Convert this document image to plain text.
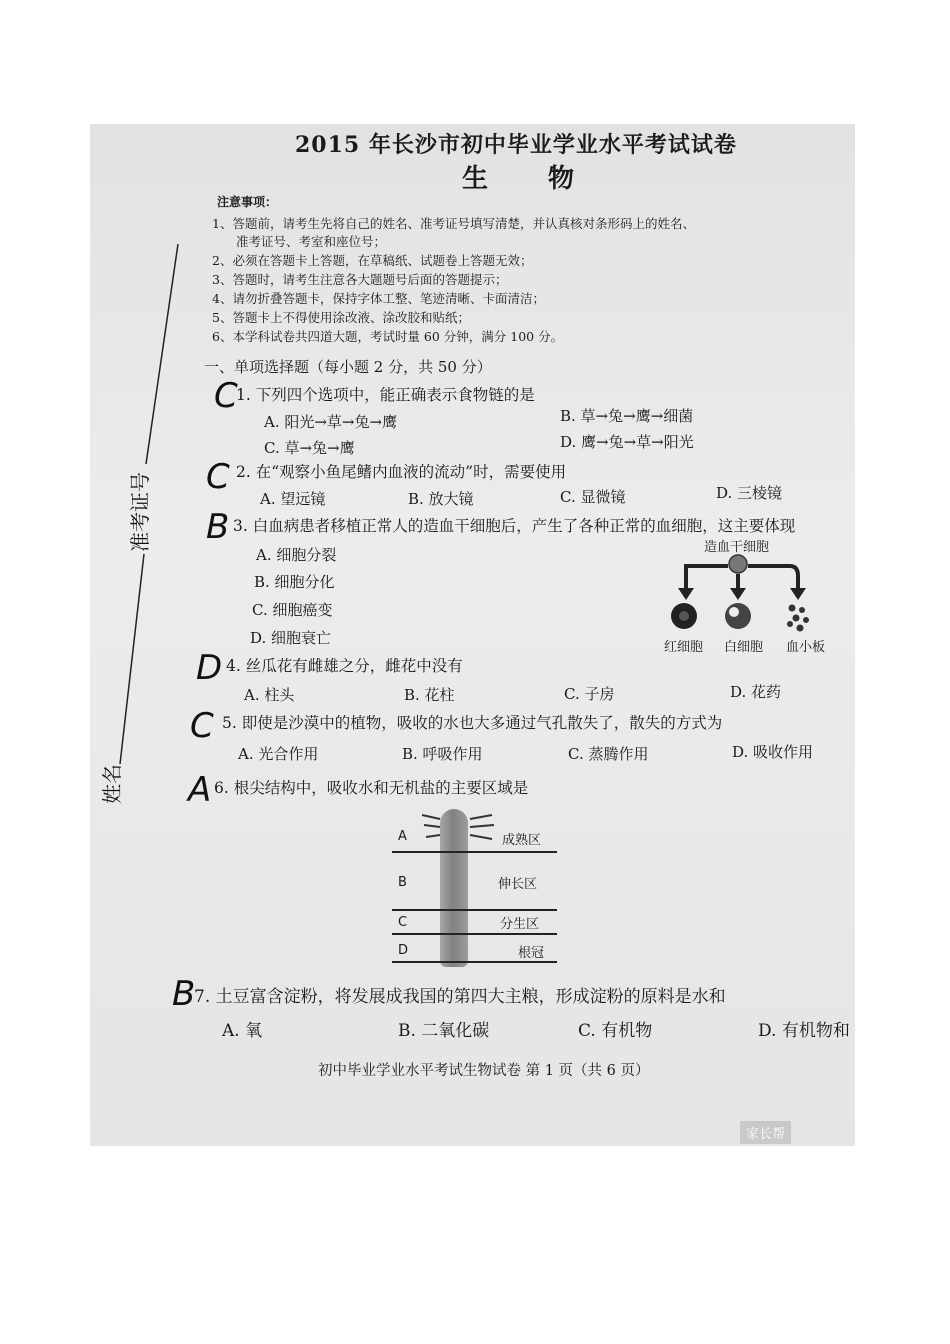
2015 年长沙市初中毕业学业水平考试试卷
生物
注意事项：
1、答题前，请考生先将自己的姓名、准考证号填写清楚，并认真核对条形码上的姓名、
准考证号、考室和座位号；
2、必须在答题卡上答题，在草稿纸、试题卷上答题无效；
3、答题时，请考生注意各大题题号后面的答题提示；
4、请勿折叠答题卡，保持字体工整、笔迹清晰、卡面清洁；
5、答题卡上不得使用涂改液、涂改胶和贴纸；
6、本学科试卷共四道大题，考试时量 60 分钟，满分 100 分。
准考证号
姓名
一、单项选择题（每小题 2 分，共 50 分）
C
1. 下列四个选项中，能正确表示食物链的是
A. 阳光→草→兔→鹰	B. 草→兔→鹰→细菌
C. 草→兔→鹰	D. 鹰→兔→草→阳光
C 2. 在“观察小鱼尾鳍内血液的流动”时，需要使用
A. 望远镜	B. 放大镜	C. 显微镜	D. 三棱镜
B 3. 白血病患者移植正常人的造血干细胞后，产生了各种正常的血细胞，这主要体现
A. 细胞分裂
B. 细胞分化
C. 细胞癌变
D. 细胞衰亡
造血干细胞
红细胞 白细胞 血小板
D 4. 丝瓜花有雌雄之分，雌花中没有
A. 柱头	B. 花柱	C. 子房	D. 花药
C 5. 即使是沙漠中的植物，吸收的水也大多通过气孔散失了，散失的方式为
A. 光合作用	B. 呼吸作用	C. 蒸腾作用	D. 吸收作用
A 6. 根尖结构中，吸收水和无机盐的主要区域是
A	成熟区
B	伸长区
C	分生区
D	根冠
B
7. 土豆富含淀粉，将发展成我国的第四大主粮，形成淀粉的原料是水和
A. 氧	B. 二氧化碳	C. 有机物	D. 有机物和
初中毕业学业水平考试生物试卷 第 1 页（共 6 页）
家长帮
